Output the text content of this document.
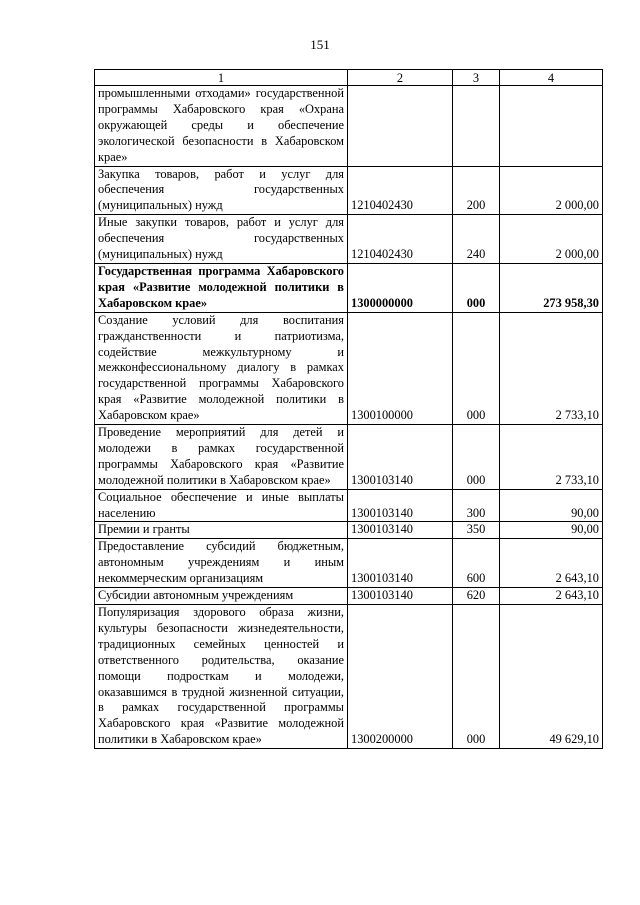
151
1	2	3	4
промышленными отходами» государственной программы Хабаровского края «Охрана окружающей среды и обеспечение экологической безопасности в Хабаровском крае»			
Закупка товаров, работ и услуг для обеспечения государственных (муниципальных) нужд	1210402430	200	2 000,00
Иные закупки товаров, работ и услуг для обеспечения государственных (муниципальных) нужд	1210402430	240	2 000,00
Государственная программа Хабаровского края «Развитие молодежной политики в Хабаровском крае»	1300000000	000	273 958,30
Создание условий для воспитания гражданственности и патриотизма, содействие межкультурному и межконфессиональному диалогу в рамках государственной программы Хабаровского края «Развитие молодежной политики в Хабаровском крае»	1300100000	000	2 733,10
Проведение мероприятий для детей и молодежи в рамках государственной программы Хабаровского края «Развитие молодежной политики в Хабаровском крае»	1300103140	000	2 733,10
Социальное обеспечение и иные выплаты населению	1300103140	300	90,00
Премии и гранты	1300103140	350	90,00
Предоставление субсидий бюджетным, автономным учреждениям и иным некоммерческим организациям	1300103140	600	2 643,10
Субсидии автономным учреждениям	1300103140	620	2 643,10
Популяризация здорового образа жизни, культуры безопасности жизнедеятельности, традиционных семейных ценностей и ответственного родительства, оказание помощи подросткам и молодежи, оказавшимся в трудной жизненной ситуации, в рамках государственной программы Хабаровского края «Развитие молодежной политики в Хабаровском крае»	1300200000	000	49 629,10
